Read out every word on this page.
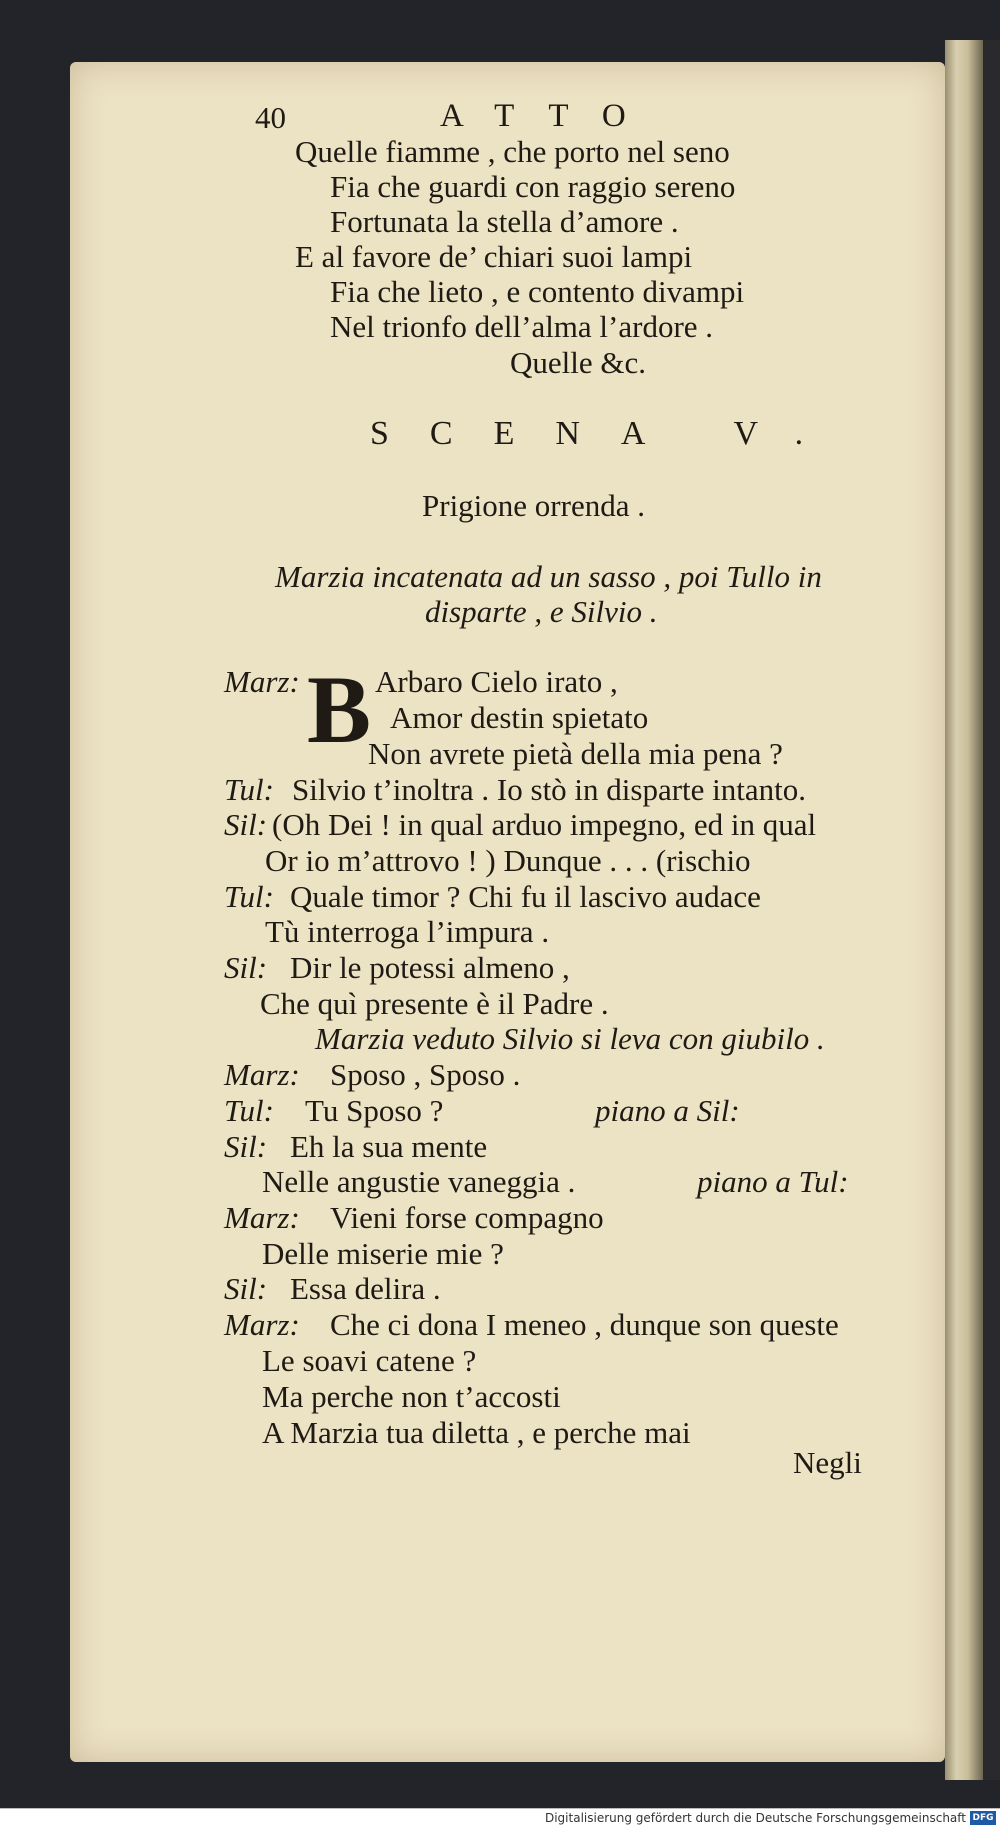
40	ATTO
Quelle fiamme , che porto nel seno
Fia che guardi con raggio sereno
Fortunata la stella d’amore .
E al favore de’ chiari suoi lampi
Fia che lieto , e contento divampi
Nel trionfo dell’alma l’ardore .
Quelle &c.
SCENA V.
Prigione orrenda .
Marzia incatenata ad un sasso , poi Tullo in
disparte , e Silvio .
B
Marz: Arbaro Cielo irato ,
Amor destin spietato
Non avrete pietà della mia pena ?
Tul: Silvio t’inoltra . Io stò in disparte intanto.
Sil: (Oh Dei ! in qual arduo impegno, ed in qual
Or io m’attrovo ! ) Dunque . . . (rischio
Tul: Quale timor ? Chi fu il lascivo audace
Tù interroga l’impura .
Sil: Dir le potessi almeno ,
Che quì presente è il Padre .
Marzia veduto Silvio si leva con giubilo .
Marz: Sposo , Sposo .
Tul: Tu Sposo ?	piano a Sil:
Sil: Eh la sua mente
Nelle angustie vaneggia .	piano a Tul:
Marz: Vieni forse compagno
Delle miserie mie ?
Sil: Essa delira .
Marz: Che ci dona I meneo , dunque son queste
Le soavi catene ?
Ma perche non t’accosti
A Marzia tua diletta , e perche mai
Negli
Digitalisierung gefördert durch die Deutsche Forschungsgemeinschaft DFG
